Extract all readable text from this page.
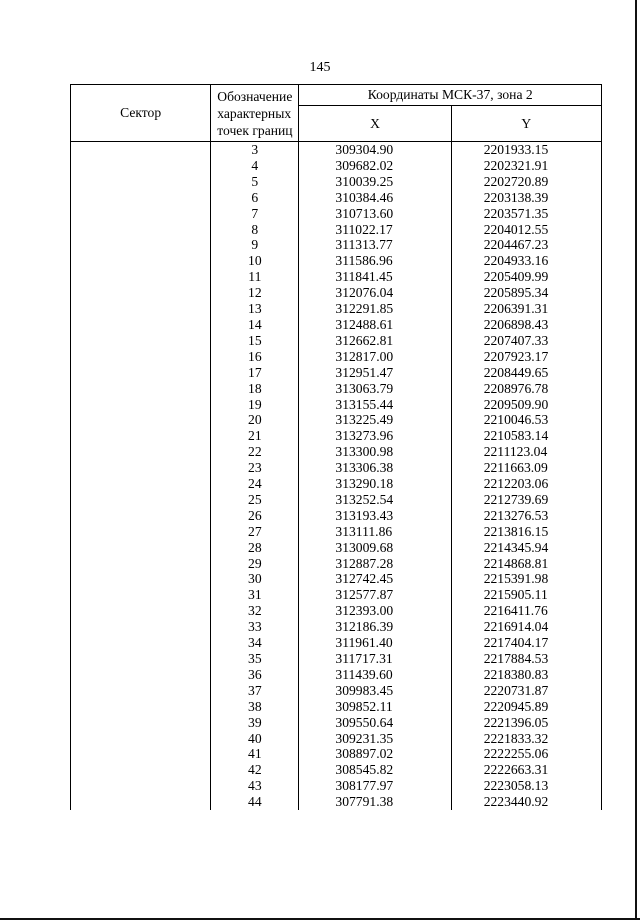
145
Сектор	Обозначение
характерных
точек границ	Координаты МСК-37, зона 2	
		X	Y
	3	309304.90	2201933.15
	4	309682.02	2202321.91
	5	310039.25	2202720.89
	6	310384.46	2203138.39
	7	310713.60	2203571.35
	8	311022.17	2204012.55
	9	311313.77	2204467.23
	10	311586.96	2204933.16
	11	311841.45	2205409.99
	12	312076.04	2205895.34
	13	312291.85	2206391.31
	14	312488.61	2206898.43
	15	312662.81	2207407.33
	16	312817.00	2207923.17
	17	312951.47	2208449.65
	18	313063.79	2208976.78
	19	313155.44	2209509.90
	20	313225.49	2210046.53
	21	313273.96	2210583.14
	22	313300.98	2211123.04
	23	313306.38	2211663.09
	24	313290.18	2212203.06
	25	313252.54	2212739.69
	26	313193.43	2213276.53
	27	313111.86	2213816.15
	28	313009.68	2214345.94
	29	312887.28	2214868.81
	30	312742.45	2215391.98
	31	312577.87	2215905.11
	32	312393.00	2216411.76
	33	312186.39	2216914.04
	34	311961.40	2217404.17
	35	311717.31	2217884.53
	36	311439.60	2218380.83
	37	309983.45	2220731.87
	38	309852.11	2220945.89
	39	309550.64	2221396.05
	40	309231.35	2221833.32
	41	308897.02	2222255.06
	42	308545.82	2222663.31
	43	308177.97	2223058.13
	44	307791.38	2223440.92
